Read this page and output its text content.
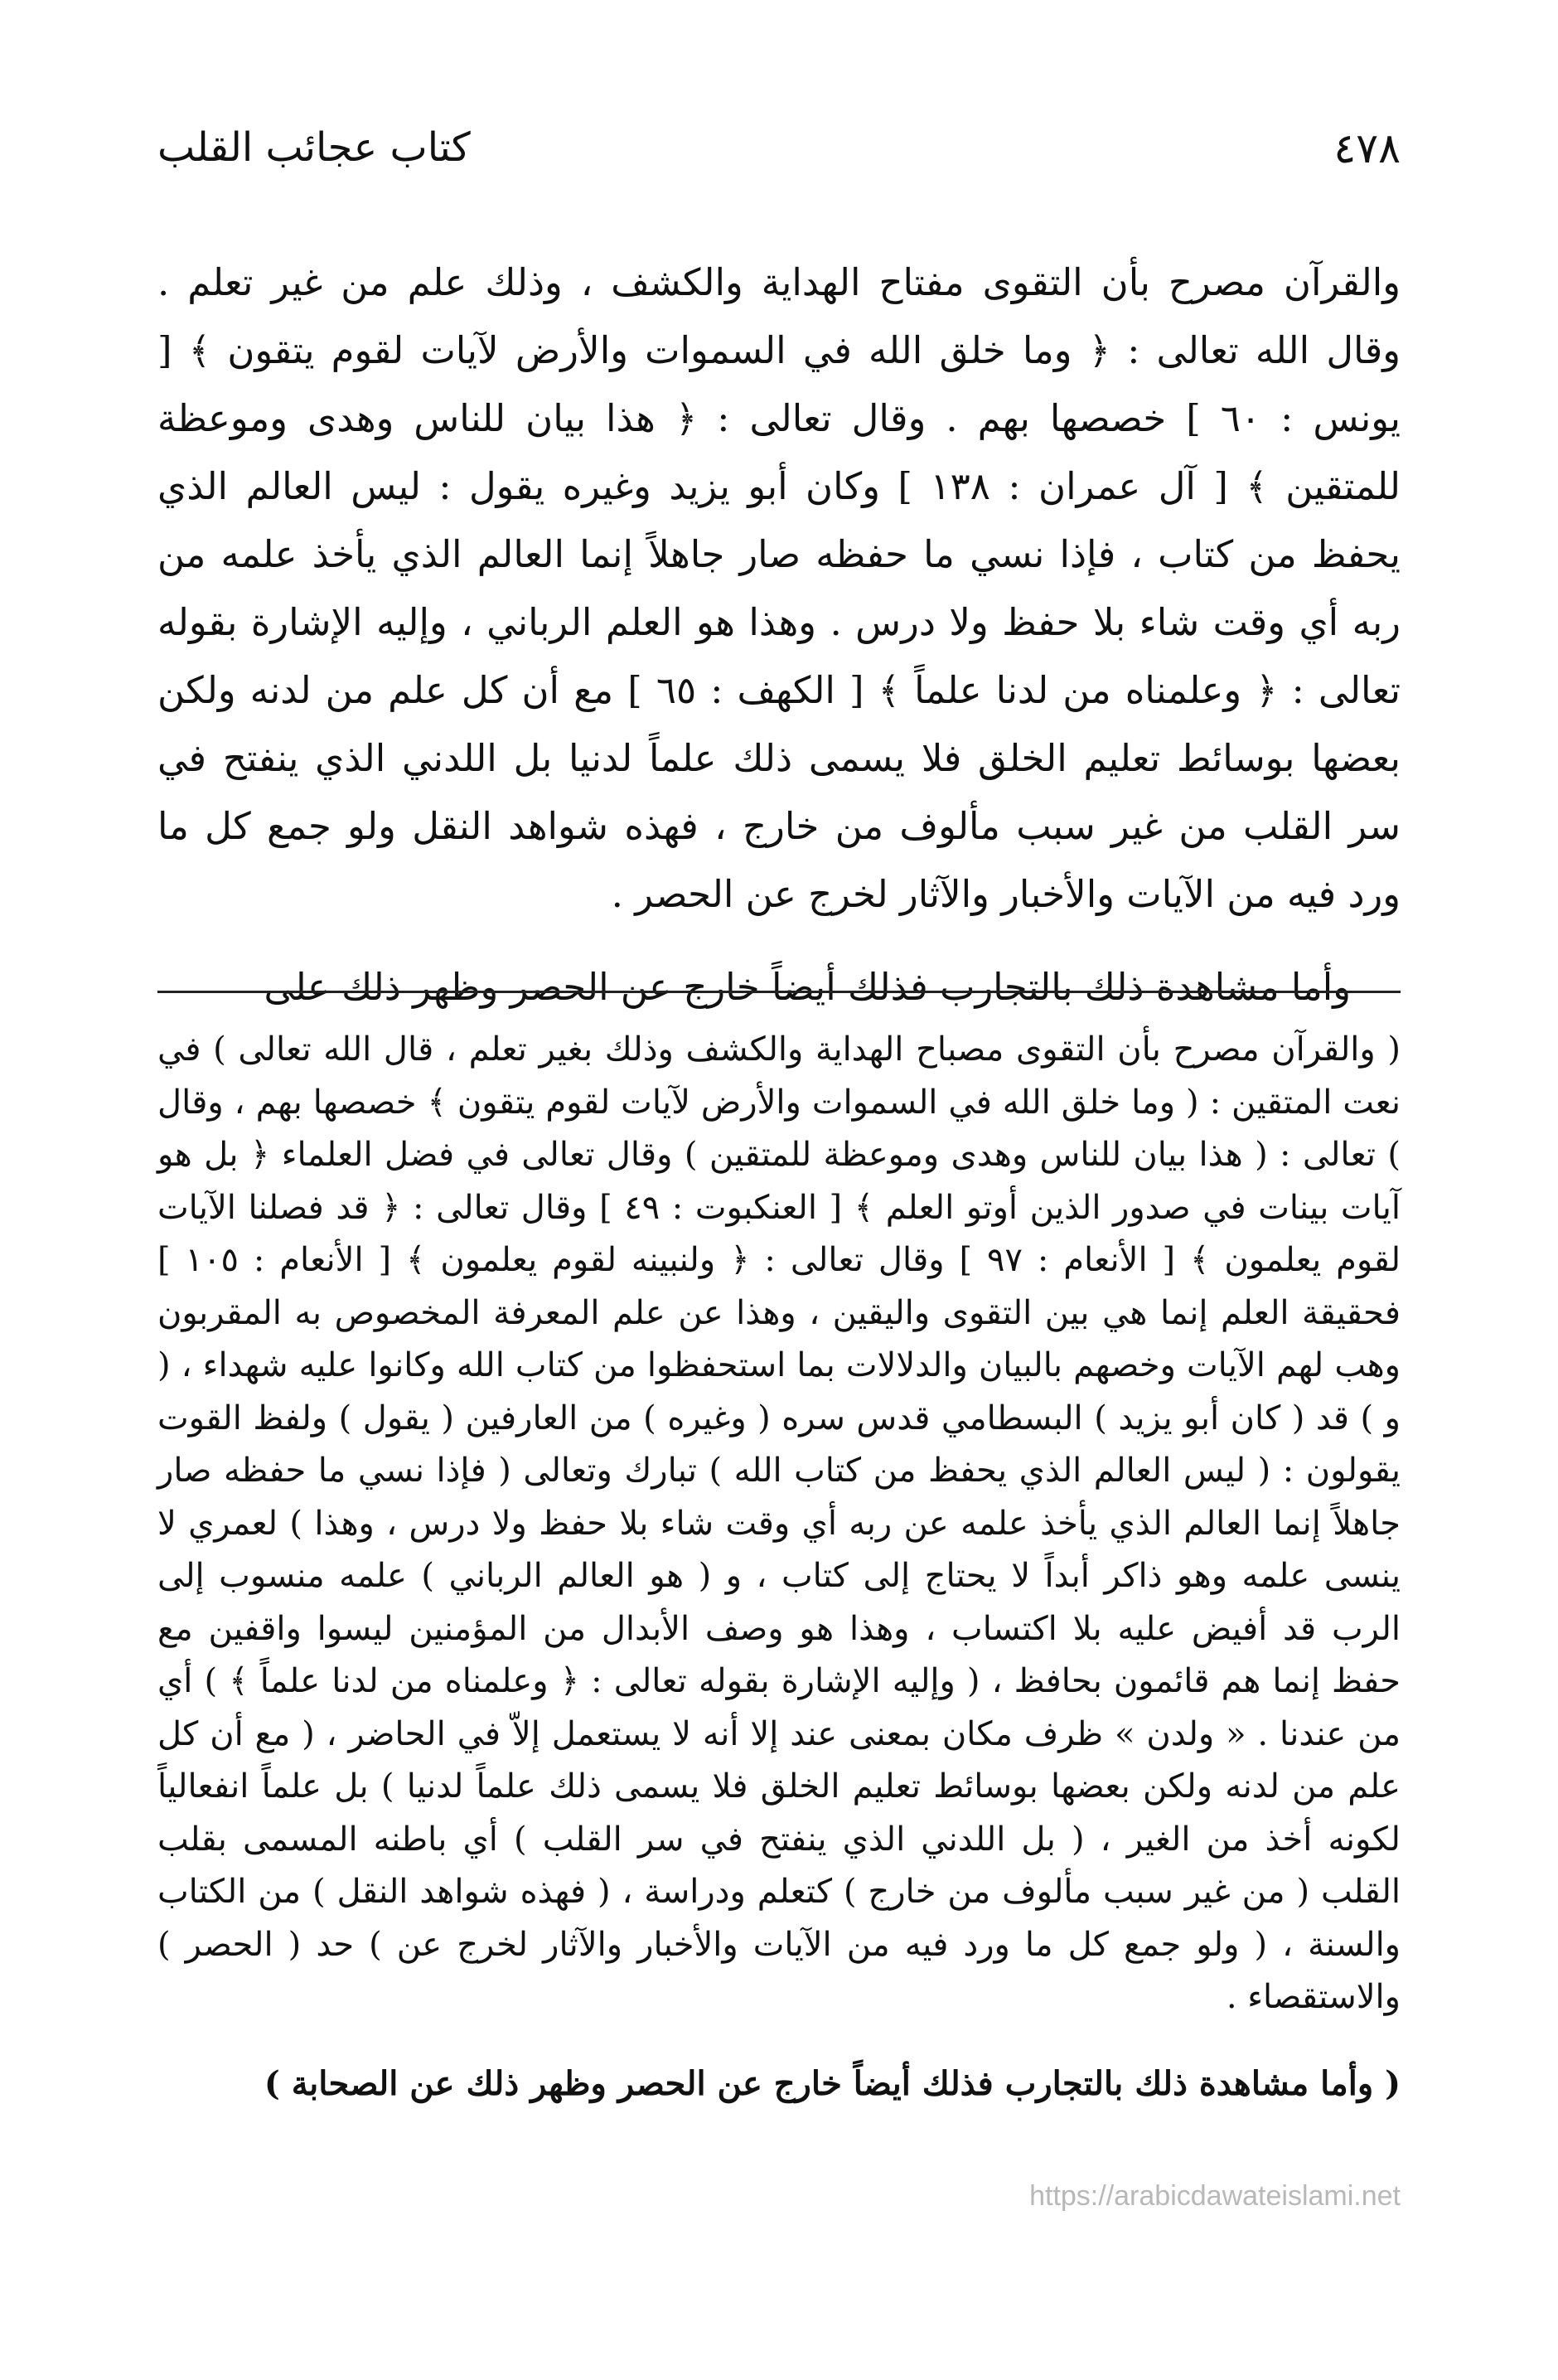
٤٧٨
كتاب عجائب القلب

والقرآن مصرح بأن التقوى مفتاح الهداية والكشف ، وذلك علم من غير تعلم . وقال الله تعالى : ﴿ وما خلق الله في السموات والأرض لآيات لقوم يتقون ﴾ [ يونس : ٦٠ ] خصصها بهم . وقال تعالى : ﴿ هذا بيان للناس وهدى وموعظة للمتقين ﴾ [ آل عمران : ١٣٨ ] وكان أبو يزيد وغيره يقول : ليس العالم الذي يحفظ من كتاب ، فإذا نسي ما حفظه صار جاهلاً إنما العالم الذي يأخذ علمه من ربه أي وقت شاء بلا حفظ ولا درس . وهذا هو العلم الرباني ، وإليه الإشارة بقوله تعالى : ﴿ وعلمناه من لدنا علماً ﴾ [ الكهف : ٦٥ ] مع أن كل علم من لدنه ولكن بعضها بوسائط تعليم الخلق فلا يسمى ذلك علماً لدنيا بل اللدني الذي ينفتح في سر القلب من غير سبب مألوف من خارج ، فهذه شواهد النقل ولو جمع كل ما ورد فيه من الآيات والأخبار والآثار لخرج عن الحصر .

وأما مشاهدة ذلك بالتجارب فذلك أيضاً خارج عن الحصر وظهر ذلك على

( والقرآن مصرح بأن التقوى مصباح الهداية والكشف وذلك بغير تعلم ، قال الله تعالى ) في نعت المتقين : ( وما خلق الله في السموات والأرض لآيات لقوم يتقون ﴾ خصصها بهم ، وقال ) تعالى : ( هذا بيان للناس وهدى وموعظة للمتقين ) وقال تعالى في فضل العلماء ﴿ بل هو آيات بينات في صدور الذين أوتو العلم ﴾ [ العنكبوت : ٤٩ ] وقال تعالى : ﴿ قد فصلنا الآيات لقوم يعلمون ﴾ [ الأنعام : ٩٧ ] وقال تعالى : ﴿ ولنبينه لقوم يعلمون ﴾ [ الأنعام : ١٠٥ ] فحقيقة العلم إنما هي بين التقوى واليقين ، وهذا عن علم المعرفة المخصوص به المقربون وهب لهم الآيات وخصهم بالبيان والدلالات بما استحفظوا من كتاب الله وكانوا عليه شهداء ، ( و ) قد ( كان أبو يزيد ) البسطامي قدس سره ( وغيره ) من العارفين ( يقول ) ولفظ القوت يقولون : ( ليس العالم الذي يحفظ من كتاب الله ) تبارك وتعالى ( فإذا نسي ما حفظه صار جاهلاً إنما العالم الذي يأخذ علمه عن ربه أي وقت شاء بلا حفظ ولا درس ، وهذا ) لعمري لا ينسى علمه وهو ذاكر أبداً لا يحتاج إلى كتاب ، و ( هو العالم الرباني ) علمه منسوب إلى الرب قد أفيض عليه بلا اكتساب ، وهذا هو وصف الأبدال من المؤمنين ليسوا واقفين مع حفظ إنما هم قائمون بحافظ ، ( وإليه الإشارة بقوله تعالى : ﴿ وعلمناه من لدنا علماً ﴾ ) أي من عندنا . « ولدن » ظرف مكان بمعنى عند إلا أنه لا يستعمل إلاّ في الحاضر ، ( مع أن كل علم من لدنه ولكن بعضها بوسائط تعليم الخلق فلا يسمى ذلك علماً لدنيا ) بل علماً انفعالياً لكونه أخذ من الغير ، ( بل اللدني الذي ينفتح في سر القلب ) أي باطنه المسمى بقلب القلب ( من غير سبب مألوف من خارج ) كتعلم ودراسة ، ( فهذه شواهد النقل ) من الكتاب والسنة ، ( ولو جمع كل ما ورد فيه من الآيات والأخبار والآثار لخرج عن ) حد ( الحصر ) والاستقصاء .

( وأما مشاهدة ذلك بالتجارب فذلك أيضاً خارج عن الحصر وظهر ذلك عن الصحابة )

https://arabicdawateislami.net
